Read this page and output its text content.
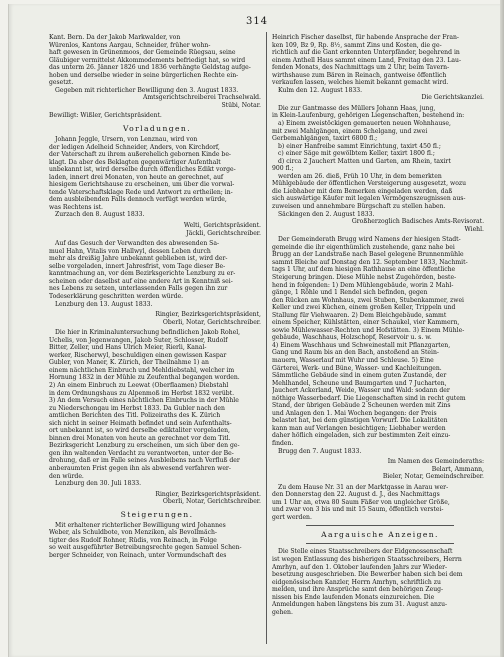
314

Kant. Bern. Da der Jakob Markwalder, von

Würenlos, Kantons Aargau, Schneider, früher wohn-

haft gewesen in Grünenmoos, der Gemeinde Rüegsau, seine

Gläubiger vermittelst Akkommodements befriedigt hat, so wird

das unterm 26. Jänner 1826 und 1836 verhängte Geldstag aufge-

hoben und derselbe wieder in seine bürgerlichen Rechte ein-

gesetzt.

Gegeben mit richterlicher Bewilligung den 3. August 1833.

Amtsgerichtschreiberei Trachselwald.

Stübi, Notar.

Bewilligt: Wißler, Gerichtspräsident.

Vorladungen.

Johann Jeggle, Ursern, von Lenznau, wird von

der ledigen Adelheid Schneider, Anders, von Kirchdorf,

der Vaterschaft zu ihrem außerehelich gebornen Kinde be-

klagt. Da aber des Beklagten gegenwärtiger Aufenthalt

unbekannt ist, wird derselbe durch öffentliches Edikt vorge-

laden, innert drei Monaten, von heute an gerechnet, auf

hiesigem Gerichtshause zu erscheinen, um über die vorwal-

tende Vaterschaftsklage Rede und Antwort zu ertheilen; in-

dem ausbleibenden Falls dennoch verfügt werden würde,

was Rechtens ist.

Zurzach den 8. August 1833.

Welti, Gerichtspräsident.

Jäckli, Gerichtschreiber.

Auf das Gesuch der Verwandten des abwesenden Sa-

muel Hahn, Vitalis von Hallwyl, dessen Leben durch

mehr als dreißig Jahre unbekannt geblieben ist, wird der-

selbe vorgeladen, innert Jahresfrist, vom Tage dieser Be-

kanntmachung an, vor dem Bezirksgerichte Lenzburg zu er-

scheinen oder daselbst auf eine andere Art in Kenntniß sei-

nes Lebens zu setzen, unterlassenden Falls gegen ihn zur

Todeserklärung geschritten werden würde.

Lenzburg den 13. August 1833.

Ringier, Bezirksgerichtspräsident,

Oberli, Notar, Gerichtschreiber.

Die hier in Kriminaluntersuchung befindlichen Jakob Rohel,

Uchelis, von Jegenwangen, Jakob Suter, Schlosser, Rudolf

Bitter, Zeller, und Hans Ulrich Meier, Rierli, Kanal-

werker, Rischerwyl, beschuldigen einen gewissen Kaspar

Gubler, von Maner, K. Zürich, der Theilnahme 1) an

einem nächtlichen Einbruch und Mehldiebstahl, welcher im

Hornung 1832 in der Mühle zu Zeufenthal begangen worden.

2) An einem Einbruch zu Leewat (Oberflaamen) Diebstahl

in dem Ordnungshaus zu Alpenmoß im Herbst 1832 verübt.

3) An dem Versuch eines nächtlichen Einbruchs in der Mühle

zu Niederschongau im Herbst 1833. Da Gubler nach den

amtlichen Berichten des Titl. Polizeiraths des K. Zürich

sich nicht in seiner Heimath befindet und sein Aufenthalts-

ort unbekannt ist, so wird derselbe ediktaliter vorgeladen,

binnen drei Monaten von heute an gerechnet vor dem Titl.

Bezirksgericht Lenzburg zu erscheinen, um sich über den ge-

gen ihn waltenden Verdacht zu verantworten, unter der Be-

drohung, daß er im Falle seines Ausbleibens nach Verfluß der

anberaumten Frist gegen ihn als abwesend verfahren wer-

den würde.

Lenzburg den 30. Juli 1833.

Ringier, Bezirksgerichtspräsident.

Oberli, Notar, Gerichtschreiber.

Steigerungen.

Mit erhaltener richterlicher Bewilligung wird Johannes

Weber, als Schuldbote, von Menziken, als Bevollmäch-

tigter des Rudolf Rohner, Rüdis, von Reinach, in Folge

so weit ausgeführter Betreibungsrechte gegen Samuel Schen-

berger Schneider, von Reinach, unter Vormundschaft des

Heinrich Fischer daselbst, für habende Ansprache der Fran-

ken 109, Bz 9, Rp. 8½, sammt Zins und Kosten, die ge-

richtlich auf die Gant erkennten Unterpfänder, begehrend in

einem Anthell Haus sammt einem Land, Freitag den 23. Lau-

fenden Monats, des Nachmittags um 2 Uhr, beim Tavern-

wirthshause zum Bären in Reinach, gantweise öffentlich

verkaufen lassen, welches hiemit bekannt gemacht wird.

Kulm den 12. August 1833.

Die Gerichtskanzlei.

Die zur Gantmasse des Müllers Johann Haas, jung,

in Klein-Laufenburg, gehörigen Liegenschaften, bestehend in:

a) Einem zweistöckigen gemauerten neuen Wohnhause,

mit zwei Mahlgängen, einem Schelgang, und zwei

Gerbemahlgängen, taxirt 6800 fl.;

b) einer Hanfreibe sammt Einrichtung, taxirt 450 fl.;

c) einer Säge mit gewölbtem Keller, taxirt 1800 fl.;

d) circa 2 Jauchert Matten und Garten, am Rhein, taxirt

900 fl.;

werden am 26. dieß, Früh 10 Uhr, in dem bemerkten

Mühlgebäude der öffentlichen Versteigerung ausgesetzt, wozu

die Liebhaber mit dem Bemerken eingeladen werden, daß

sich auswärtige Käufer mit legalen Vermögenszeugnissen aus-

zuweisen und annehmbare Bürgschaft zu stellen haben.

Säckingen den 2. August 1833.

Großherzoglich Badisches Amts-Revisorat.

Wiehl.

Der Gemeinderath Brugg wird Namens der hiesigen Stadt-

gemeinde die ihr eigenthümlich zustehende, ganz nahe bei

Brugg an der Landstraße nach Basel gelegene Brunnenmühle

sammt Bleiche auf Donstag den 12. September 1833, Nachmit-

tags 1 Uhr, auf dem hiesigen Rathhause an eine öffentliche

Steigerung bringen. Diese Mühle nebst Zugehörden, beste-

hend in folgenden: 1) Dem Mühlengebäude, worin 2 Mahl-

gänge, 1 Röhle und 1 Rendel sich befinden, gegen

den Rücken am Wohnhaus, zwei Stuben, Stubenkammer, zwei

Keller und zwei Küchen, einem großen Keller, Trippeln und

Stallung für Viehwaaren. 2) Dem Bleichgebäude, sammt

einem Speicher, Kühlstätten, einer Schaukel, vier Kammern,

sowie Mühlewasser-Rechten und Hofstätten. 3) Einem Mühle-

gebäude, Waschhaus, Holzschopf, Reservoir u. s. w.

4) Einem Waschhaus und Schweinestall mit Pflanzgarten,

Gang und Raum bis an den Bach, anstoßend an Stein-

mauern, Wasserlauf mit Wuhr und Schleuse. 5) Eine

Gärterei, Werk- und Büne, Wasser- und Kachleitungen.

Sämmtliche Gebäude sind in einem guten Zustande, der

Mehlhandel, Scheune und Baumgarten und 7 Jucharten,

Jauchert Ackerland, Weide, Wasser und Wald: sodann der

nöthige Wasserbedarf. Die Liegenschaften sind in recht gutem

Stand, der übrigen Gebäude 2 Scheunen werden mit Zins

und Anlagen den 1. Mai Wochen begangen: der Preis

belastet hat, bei dem günstigen Vorwurf. Die Lokalitäten

kann man auf Verlangen besichtigen; Liebhaber werden

daher höflich eingeladen, sich zur bestimmten Zeit einzu-

finden.

Brugg den 7. August 1833.

Im Namen des Gemeinderaths:

Belart, Ammann,

Bieler, Notar, Gemeindschreiber.

Zu dem Hause Nr. 31 an der Marktgasse in Aarau wer-

den Donnerstag den 22. August d. J., des Nachmittags

um 1 Uhr an, etwa 80 Saum Fäßer von ungleicher Größe,

und zwar von 3 bis und mit 15 Saum, öffentlich verstei-

gert werden.

Aargauische Anzeigen.

Die Stelle eines Staatsschreibers der Eidgenossenschaft

ist wegen Entlassung des bisherigen Staatsschreibers, Herrn

Amrhyn, auf den 1. Oktober laufenden Jahrs zur Wieder-

besetzung ausgeschrieben. Die Bewerber haben sich bei dem

eidgenössischen Kanzler, Herrn Amrhyn, schriftlich zu

melden, und ihre Ansprüche samt den behörigen Zeug-

nissen bis Ende laufenden Monats einzureichen. Die

Anmeldungen haben längstens bis zum 31. August anzu-

gehen.
